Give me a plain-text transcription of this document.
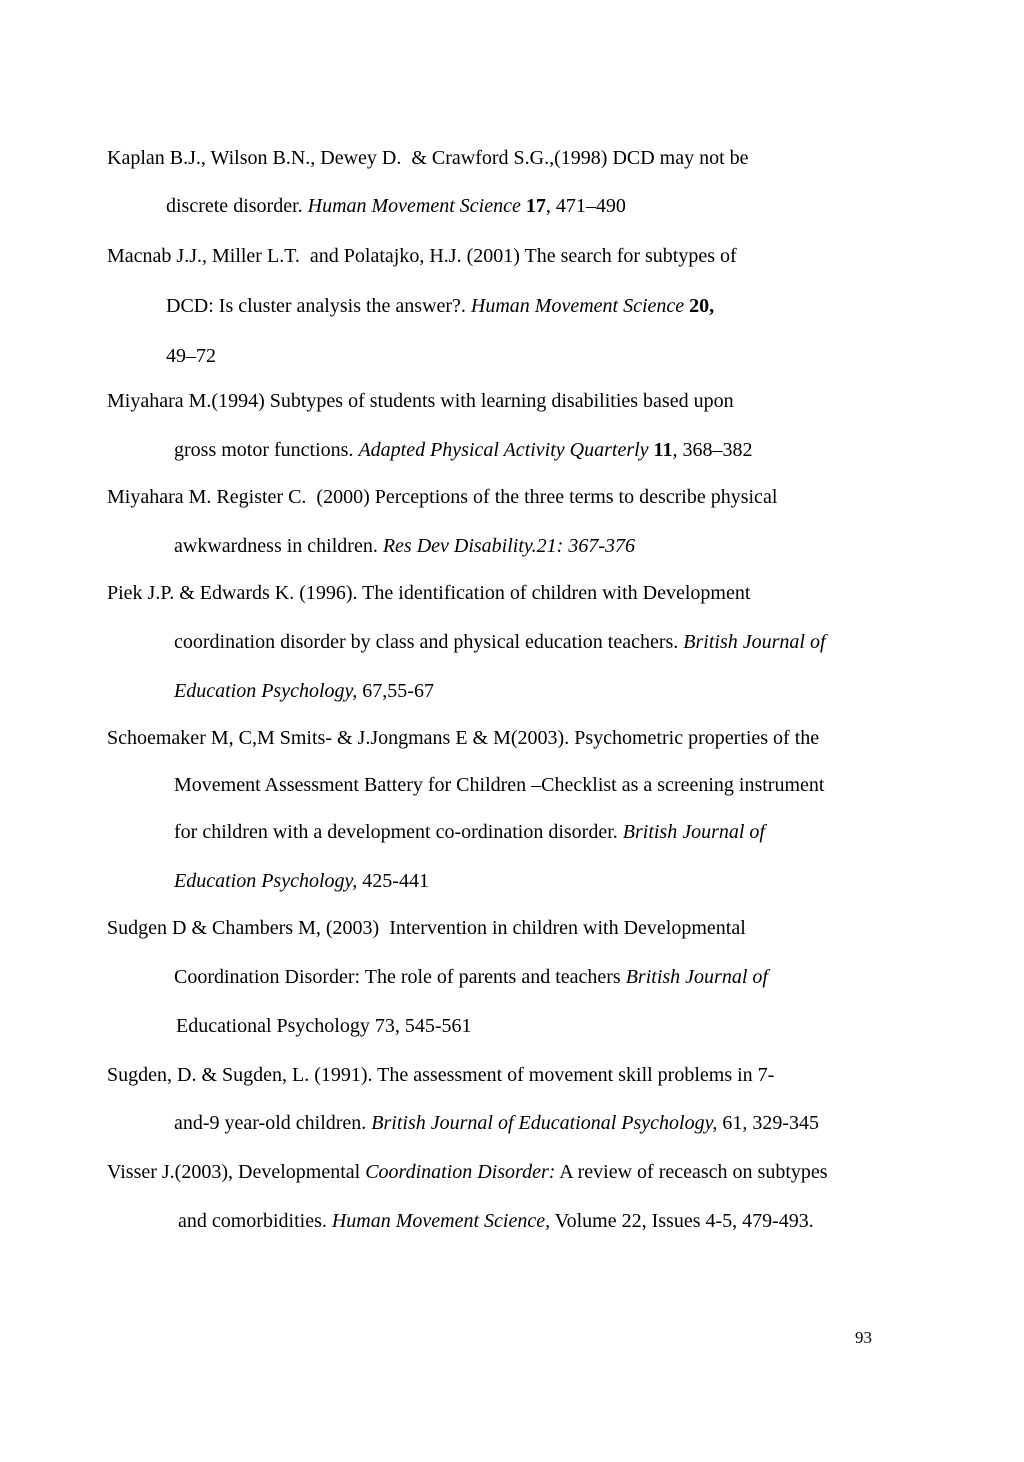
Kaplan B.J., Wilson B.N., Dewey D.  & Crawford S.G.,(1998) DCD may not be
discrete disorder. Human Movement Science 17, 471–490
Macnab J.J., Miller L.T.  and Polatajko, H.J. (2001) The search for subtypes of
DCD: Is cluster analysis the answer?. Human Movement Science 20,
49–72
Miyahara M.(1994) Subtypes of students with learning disabilities based upon
gross motor functions. Adapted Physical Activity Quarterly 11, 368–382
Miyahara M. Register C.  (2000) Perceptions of the three terms to describe physical
awkwardness in children. Res Dev Disability.21: 367-376
Piek J.P. & Edwards K. (1996). The identification of children with Development
coordination disorder by class and physical education teachers. British Journal of
Education Psychology, 67,55-67
Schoemaker M, C,M Smits- & J.Jongmans E & M(2003). Psychometric properties of the
Movement Assessment Battery for Children –Checklist as a screening instrument
for children with a development co-ordination disorder. British Journal of
Education Psychology, 425-441
Sudgen D & Chambers M, (2003)  Intervention in children with Developmental
Coordination Disorder: The role of parents and teachers British Journal of
Educational Psychology 73, 545-561
Sugden, D. & Sugden, L. (1991). The assessment of movement skill problems in 7-
and-9 year-old children. British Journal of Educational Psychology, 61, 329-345
Visser J.(2003), Developmental Coordination Disorder: A review of receasch on subtypes
and comorbidities. Human Movement Science, Volume 22, Issues 4-5, 479-493.
93
